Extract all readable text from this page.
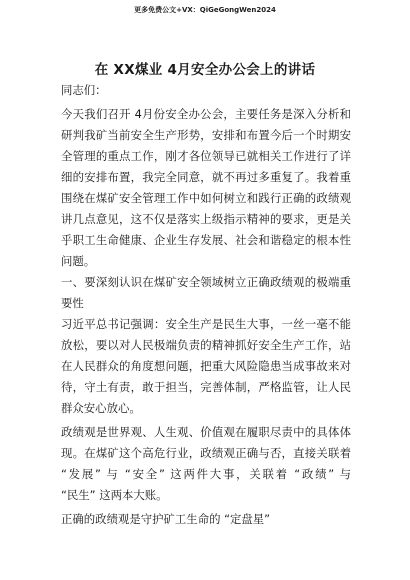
更多免费公文+VX：QiGeGongWen2024
在 XX煤业 4月安全办公会上的讲话
同志们：
今天我们召开 4月份安全办公会，主要任务是深入分析和
研判我矿当前安全生产形势，安排和布置今后一个时期安
全管理的重点工作，刚才各位领导已就相关工作进行了详
细的安排布置，我完全同意，就不再过多重复了。我着重
围绕在煤矿安全管理工作中如何树立和践行正确的政绩观
讲几点意见，这不仅是落实上级指示精神的要求，更是关
乎职工生命健康、企业生存发展、社会和谐稳定的根本性
问题。
一、要深刻认识在煤矿安全领域树立正确政绩观的极端重
要性
习近平总书记强调：安全生产是民生大事，一丝一毫不能
放松，要以对人民极端负责的精神抓好安全生产工作，站
在人民群众的角度想问题，把重大风险隐患当成事故来对
待，守土有责，敢于担当，完善体制，严格监管，让人民
群众安心放心。
政绩观是世界观、人生观、价值观在履职尽责中的具体体
现。在煤矿这个高危行业，政绩观正确与否，直接关联着
“发展” 与 “安全” 这两件大事，关联着 “政绩” 与
“民生” 这两本大账。
正确的政绩观是守护矿工生命的 “定盘星”
